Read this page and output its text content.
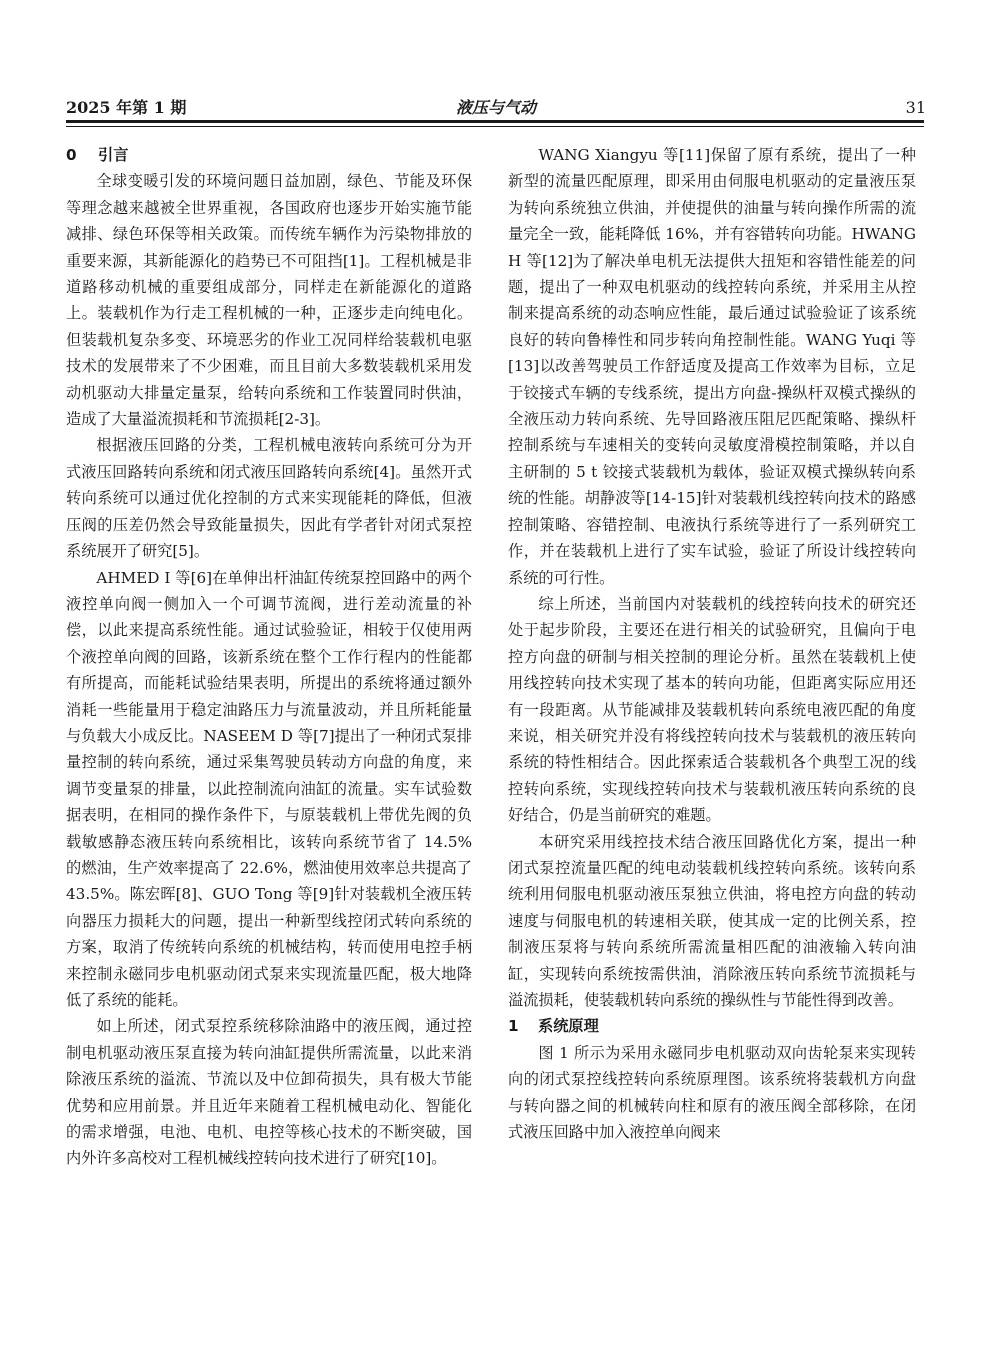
2025 年第 1 期	液压与气动	31
0 引言

全球变暖引发的环境问题日益加剧，绿色、节能及环保等理念越来越被全世界重视，各国政府也逐步开始实施节能减排、绿色环保等相关政策。而传统车辆作为污染物排放的重要来源，其新能源化的趋势已不可阻挡[1]。工程机械是非道路移动机械的重要组成部分，同样走在新能源化的道路上。装载机作为行走工程机械的一种，正逐步走向纯电化。但装载机复杂多变、环境恶劣的作业工况同样给装载机电驱技术的发展带来了不少困难，而且目前大多数装载机采用发动机驱动大排量定量泵，给转向系统和工作装置同时供油，造成了大量溢流损耗和节流损耗[2-3]。

根据液压回路的分类，工程机械电液转向系统可分为开式液压回路转向系统和闭式液压回路转向系统[4]。虽然开式转向系统可以通过优化控制的方式来实现能耗的降低，但液压阀的压差仍然会导致能量损失，因此有学者针对闭式泵控系统展开了研究[5]。

AHMED I 等[6]在单伸出杆油缸传统泵控回路中的两个液控单向阀一侧加入一个可调节流阀，进行差动流量的补偿，以此来提高系统性能。通过试验验证，相较于仅使用两个液控单向阀的回路，该新系统在整个工作行程内的性能都有所提高，而能耗试验结果表明，所提出的系统将通过额外消耗一些能量用于稳定油路压力与流量波动，并且所耗能量与负载大小成反比。NASEEM D 等[7]提出了一种闭式泵排量控制的转向系统，通过采集驾驶员转动方向盘的角度，来调节变量泵的排量，以此控制流向油缸的流量。实车试验数据表明，在相同的操作条件下，与原装载机上带优先阀的负载敏感静态液压转向系统相比，该转向系统节省了 14.5% 的燃油，生产效率提高了 22.6%，燃油使用效率总共提高了 43.5%。陈宏晖[8]、GUO Tong 等[9]针对装载机全液压转向器压力损耗大的问题，提出一种新型线控闭式转向系统的方案，取消了传统转向系统的机械结构，转而使用电控手柄来控制永磁同步电机驱动闭式泵来实现流量匹配，极大地降低了系统的能耗。

如上所述，闭式泵控系统移除油路中的液压阀，通过控制电机驱动液压泵直接为转向油缸提供所需流量，以此来消除液压系统的溢流、节流以及中位卸荷损失，具有极大节能优势和应用前景。并且近年来随着工程机械电动化、智能化的需求增强，电池、电机、电控等核心技术的不断突破，国内外许多高校对工程机械线控转向技术进行了研究[10]。

WANG Xiangyu 等[11]保留了原有系统，提出了一种新型的流量匹配原理，即采用由伺服电机驱动的定量液压泵为转向系统独立供油，并使提供的油量与转向操作所需的流量完全一致，能耗降低 16%，并有容错转向功能。HWANG H 等[12]为了解决单电机无法提供大扭矩和容错性能差的问题，提出了一种双电机驱动的线控转向系统，并采用主从控制来提高系统的动态响应性能，最后通过试验验证了该系统良好的转向鲁棒性和同步转向角控制性能。WANG Yuqi 等[13]以改善驾驶员工作舒适度及提高工作效率为目标，立足于铰接式车辆的专线系统，提出方向盘-操纵杆双模式操纵的全液压动力转向系统、先导回路液压阻尼匹配策略、操纵杆控制系统与车速相关的变转向灵敏度滑模控制策略，并以自主研制的 5 t 铰接式装载机为载体，验证双模式操纵转向系统的性能。胡静波等[14-15]针对装载机线控转向技术的路感控制策略、容错控制、电液执行系统等进行了一系列研究工作，并在装载机上进行了实车试验，验证了所设计线控转向系统的可行性。

综上所述，当前国内对装载机的线控转向技术的研究还处于起步阶段，主要还在进行相关的试验研究，且偏向于电控方向盘的研制与相关控制的理论分析。虽然在装载机上使用线控转向技术实现了基本的转向功能，但距离实际应用还有一段距离。从节能减排及装载机转向系统电液匹配的角度来说，相关研究并没有将线控转向技术与装载机的液压转向系统的特性相结合。因此探索适合装载机各个典型工况的线控转向系统，实现线控转向技术与装载机液压转向系统的良好结合，仍是当前研究的难题。

本研究采用线控技术结合液压回路优化方案，提出一种闭式泵控流量匹配的纯电动装载机线控转向系统。该转向系统利用伺服电机驱动液压泵独立供油，将电控方向盘的转动速度与伺服电机的转速相关联，使其成一定的比例关系，控制液压泵将与转向系统所需流量相匹配的油液输入转向油缸，实现转向系统按需供油，消除液压转向系统节流损耗与溢流损耗，使装载机转向系统的操纵性与节能性得到改善。

1 系统原理

图 1 所示为采用永磁同步电机驱动双向齿轮泵来实现转向的闭式泵控线控转向系统原理图。该系统将装载机方向盘与转向器之间的机械转向柱和原有的液压阀全部移除，在闭式液压回路中加入液控单向阀来
